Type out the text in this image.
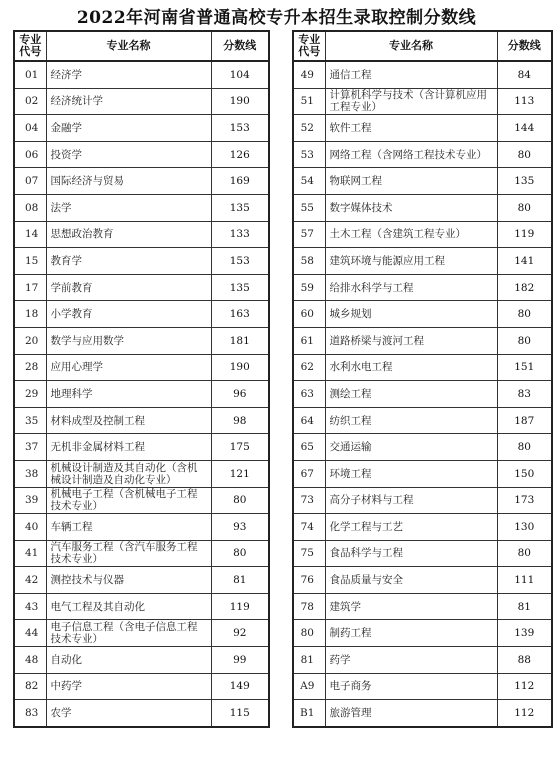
2022年河南省普通高校专升本招生录取控制分数线
专业代号	专业名称	分数线
01	经济学	104
02	经济统计学	190
04	金融学	153
06	投资学	126
07	国际经济与贸易	169
08	法学	135
14	思想政治教育	133
15	教育学	153
17	学前教育	135
18	小学教育	163
20	数学与应用数学	181
28	应用心理学	190
29	地理科学	96
35	材料成型及控制工程	98
37	无机非金属材料工程	175
38	机械设计制造及其自动化（含机械设计制造及自动化专业）	121
39	机械电子工程（含机械电子工程技术专业）	80
40	车辆工程	93
41	汽车服务工程（含汽车服务工程技术专业）	80
42	测控技术与仪器	81
43	电气工程及其自动化	119
44	电子信息工程（含电子信息工程技术专业）	92
48	自动化	99
82	中药学	149
83	农学	115
专业代号	专业名称	分数线
49	通信工程	84
51	计算机科学与技术（含计算机应用工程专业）	113
52	软件工程	144
53	网络工程（含网络工程技术专业）	80
54	物联网工程	135
55	数字媒体技术	80
57	土木工程（含建筑工程专业）	119
58	建筑环境与能源应用工程	141
59	给排水科学与工程	182
60	城乡规划	80
61	道路桥梁与渡河工程	80
62	水利水电工程	151
63	测绘工程	83
64	纺织工程	187
65	交通运输	80
67	环境工程	150
73	高分子材料与工程	173
74	化学工程与工艺	130
75	食品科学与工程	80
76	食品质量与安全	111
78	建筑学	81
80	制药工程	139
81	药学	88
A9	电子商务	112
B1	旅游管理	112
